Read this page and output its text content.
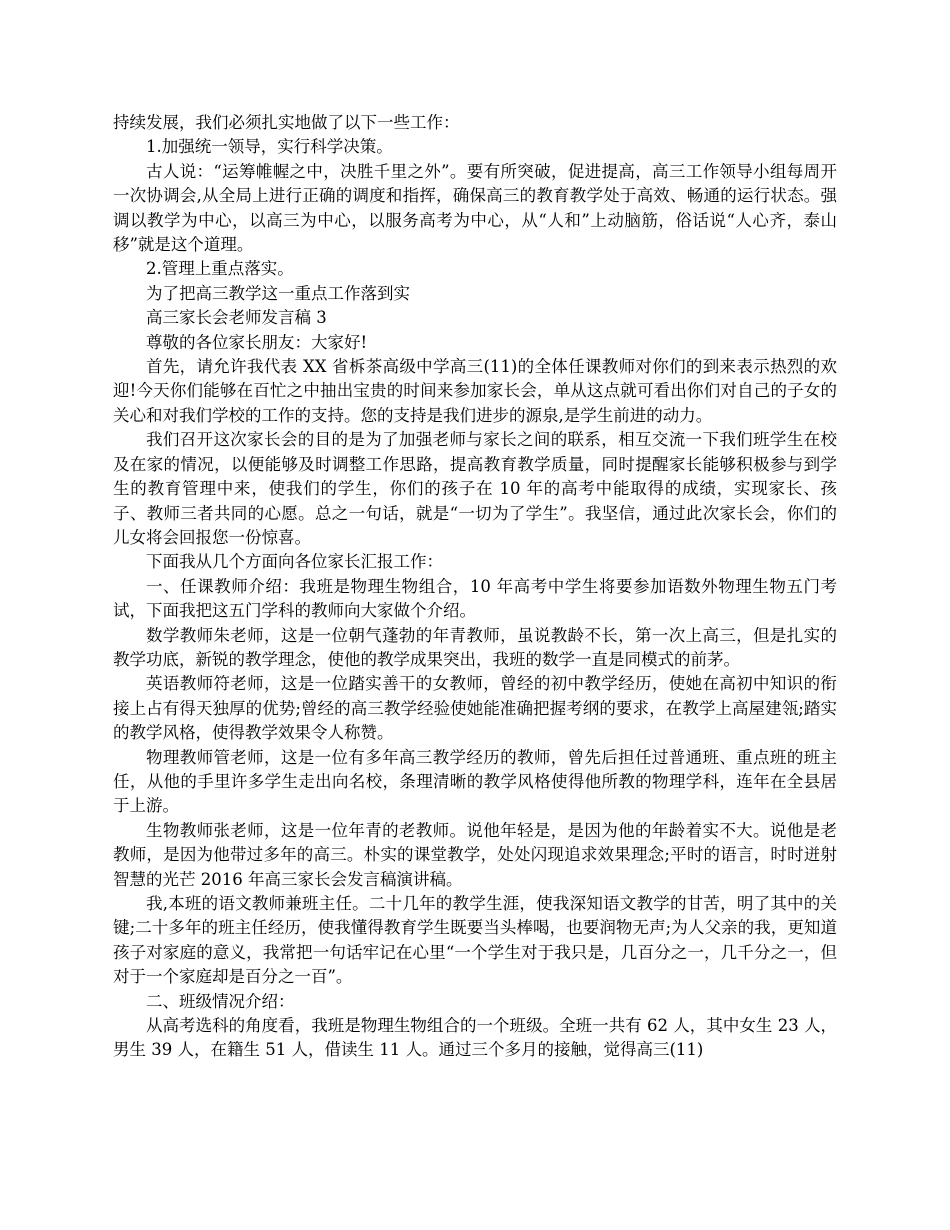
持续发展，我们必须扎实地做了以下一些工作：

1.加强统一领导，实行科学决策。

古人说：“运筹帷幄之中，决胜千里之外”。要有所突破，促进提高，高三工作领导小组每周开一次协调会,从全局上进行正确的调度和指挥，确保高三的教育教学处于高效、畅通的运行状态。强调以教学为中心，以高三为中心，以服务高考为中心，从“人和”上动脑筋，俗话说“人心齐，泰山移”就是这个道理。

2.管理上重点落实。

为了把高三教学这一重点工作落到实

高三家长会老师发言稿 3

尊敬的各位家长朋友：大家好!

首先，请允许我代表 XX 省柝茶高级中学高三(11)的全体任课教师对你们的到来表示热烈的欢迎!今天你们能够在百忙之中抽出宝贵的时间来参加家长会，单从这点就可看出你们对自己的子女的关心和对我们学校的工作的支持。您的支持是我们进步的源泉,是学生前进的动力。

我们召开这次家长会的目的是为了加强老师与家长之间的联系，相互交流一下我们班学生在校及在家的情况，以便能够及时调整工作思路，提高教育教学质量，同时提醒家长能够积极参与到学生的教育管理中来，使我们的学生，你们的孩子在 10 年的高考中能取得的成绩，实现家长、孩子、教师三者共同的心愿。总之一句话，就是“一切为了学生”。我坚信，通过此次家长会，你们的儿女将会回报您一份惊喜。

下面我从几个方面向各位家长汇报工作：

一、任课教师介绍：我班是物理生物组合，10 年高考中学生将要参加语数外物理生物五门考试，下面我把这五门学科的教师向大家做个介绍。

数学教师朱老师，这是一位朝气蓬勃的年青教师，虽说教龄不长，第一次上高三，但是扎实的教学功底，新锐的教学理念，使他的教学成果突出，我班的数学一直是同模式的前茅。

英语教师符老师，这是一位踏实善干的女教师，曾经的初中教学经历，使她在高初中知识的衔接上占有得天独厚的优势;曾经的高三教学经验使她能准确把握考纲的要求，在教学上高屋建瓴;踏实的教学风格，使得教学效果令人称赞。

物理教师管老师，这是一位有多年高三教学经历的教师，曾先后担任过普通班、重点班的班主任，从他的手里许多学生走出向名校，条理清晰的教学风格使得他所教的物理学科，连年在全县居于上游。

生物教师张老师，这是一位年青的老教师。说他年轻是，是因为他的年龄着实不大。说他是老教师，是因为他带过多年的高三。朴实的课堂教学，处处闪现追求效果理念;平时的语言，时时迸射智慧的光芒 2016 年高三家长会发言稿演讲稿。

我,本班的语文教师兼班主任。二十几年的教学生涯，使我深知语文教学的甘苦，明了其中的关键;二十多年的班主任经历，使我懂得教育学生既要当头棒喝，也要润物无声;为人父亲的我，更知道孩子对家庭的意义，我常把一句话牢记在心里“一个学生对于我只是，几百分之一，几千分之一，但对于一个家庭却是百分之一百”。

二、班级情况介绍：

从高考选科的角度看，我班是物理生物组合的一个班级。全班一共有 62 人，其中女生 23 人，男生 39 人，在籍生 51 人，借读生 11 人。通过三个多月的接触，觉得高三(11)
